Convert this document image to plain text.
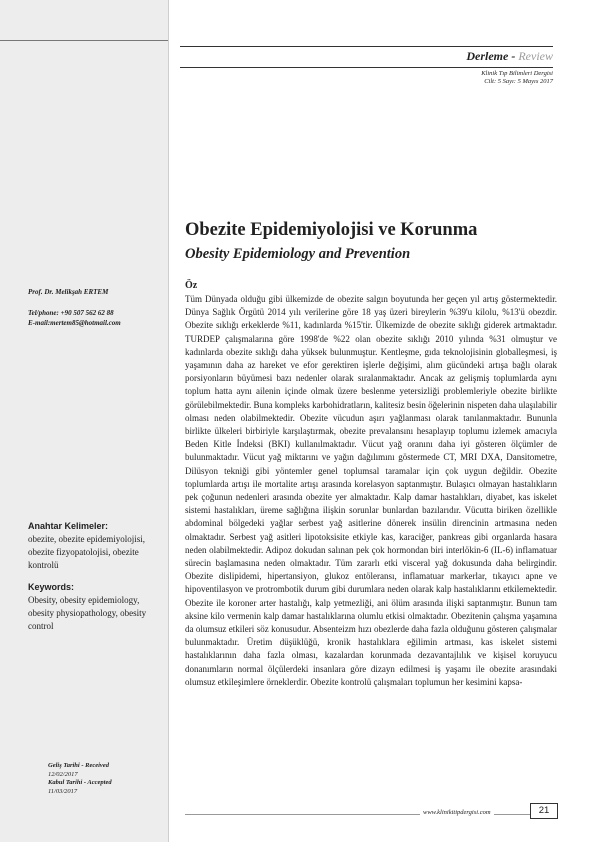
Derleme - Review
Klinik Tıp Bilimleri Dergisi
Cilt: 5 Sayı: 5 Mayıs 2017
Obezite Epidemiyolojisi ve Korunma
Obesity Epidemiology and Prevention
Prof. Dr. Melikşah ERTEM
Tel/phone: +90 507 562 62 88
E-mail:mertem85@hotmail.com
Anahtar Kelimeler:
obezite, obezite epidemiyolojisi, obezite fizyopatolojisi, obezite kontrolü
Keywords:
Obesity, obesity epidemiology, obesity physiopathology, obesity control
Geliş Tarihi - Received
12/02/2017
Kabul Tarihi - Accepted
11/03/2017
Öz

Tüm Dünyada olduğu gibi ülkemizde de obezite salgın boyutunda her geçen yıl artış göstermektedir. Dünya Sağlık Örgütü 2014 yılı verilerine göre 18 yaş üzeri bireylerin %39'u kilolu, %13'ü obezdir. Obezite sıklığı erkeklerde %11, kadınlarda %15'tir. Ülkemizde de obezite sıklığı giderek artmaktadır. TURDEP çalışmalarına göre 1998'de %22 olan obezite sıklığı 2010 yılında %31 olmuştur ve kadınlarda obezite sıklığı daha yüksek bulunmuştur. Kentleşme, gıda teknolojisinin globalleşmesi, iş yaşamının daha az hareket ve efor gerektiren işlerle değişimi, alım gücündeki artışa bağlı olarak porsiyonların büyümesi bazı nedenler olarak sıralanmaktadır. Ancak az gelişmiş toplumlarda aynı toplum hatta aynı ailenin içinde olmak üzere beslenme yetersizliği problemleriyle obezite birlikte görülebilmektedir. Buna kompleks karbohidratların, kalitesiz besin öğelerinin nispeten daha ulaşılabilir olması neden olabilmektedir. Obezite vücudun aşırı yağlanması olarak tanılanmaktadır. Bununla birlikte ülkeleri birbiriyle karşılaştırmak, obezite prevalansını hesaplayıp toplumu izlemek amacıyla Beden Kitle İndeksi (BKI) kullanılmaktadır. Vücut yağ oranını daha iyi gösteren ölçümler de bulunmaktadır. Vücut yağ miktarını ve yağın dağılımını göstermede CT, MRI DXA, Dansitometre, Dilüsyon tekniği gibi yöntemler genel toplumsal taramalar için çok uygun değildir. Obezite toplumlarda artışı ile mortalite artışı arasında korelasyon saptanmıştır. Bulaşıcı olmayan hastalıkların pek çoğunun nedenleri arasında obezite yer almaktadır. Kalp damar hastalıkları, diyabet, kas iskelet sistemi hastalıkları, üreme sağlığına ilişkin sorunlar bunlardan bazılarıdır. Vücutta biriken özellikle abdominal bölgedeki yağlar serbest yağ asitlerine dönerek insülin direncinin artmasına neden olmaktadır. Serbest yağ asitleri lipotoksisite etkiyle kas, karaciğer, pankreas gibi organlarda hasara neden olabilmektedir. Adipoz dokudan salınan pek çok hormondan biri interlökin-6 (IL-6) inflamatuar sürecin başlamasına neden olmaktadır. Tüm zararlı etki visceral yağ dokusunda daha belirgindir. Obezite dislipidemi, hipertansiyon, glukoz entöleransı, inflamatuar markerlar, tıkayıcı apne ve hipoventilasyon ve protrombotik durum gibi durumlara neden olarak kalp hastalıklarını etkilemektedir. Obezite ile koroner arter hastalığı, kalp yetmezliği, ani ölüm arasında ilişki saptanmıştır. Bunun tam aksine kilo vermenin kalp damar hastalıklarına olumlu etkisi olmaktadır. Obezitenin çalışma yaşamına da olumsuz etkileri söz konusudur. Absenteizm hızı obezlerde daha fazla olduğunu gösteren çalışmalar bulunmaktadır. Üretim düşüklüğü, kronik hastalıklara eğilimin artması, kas iskelet sistemi hastalıklarının daha fazla olması, kazalardan korunmada dezavantajlılık ve kişisel koruyucu donanımların normal ölçülerdeki insanlara göre dizayn edilmesi iş yaşamı ile obezite arasındaki olumsuz etkileşimlere örneklerdir. Obezite kontrolü çalışmaları toplumun her kesimini kapsa-

www.klinikitipdergisi.com	21
